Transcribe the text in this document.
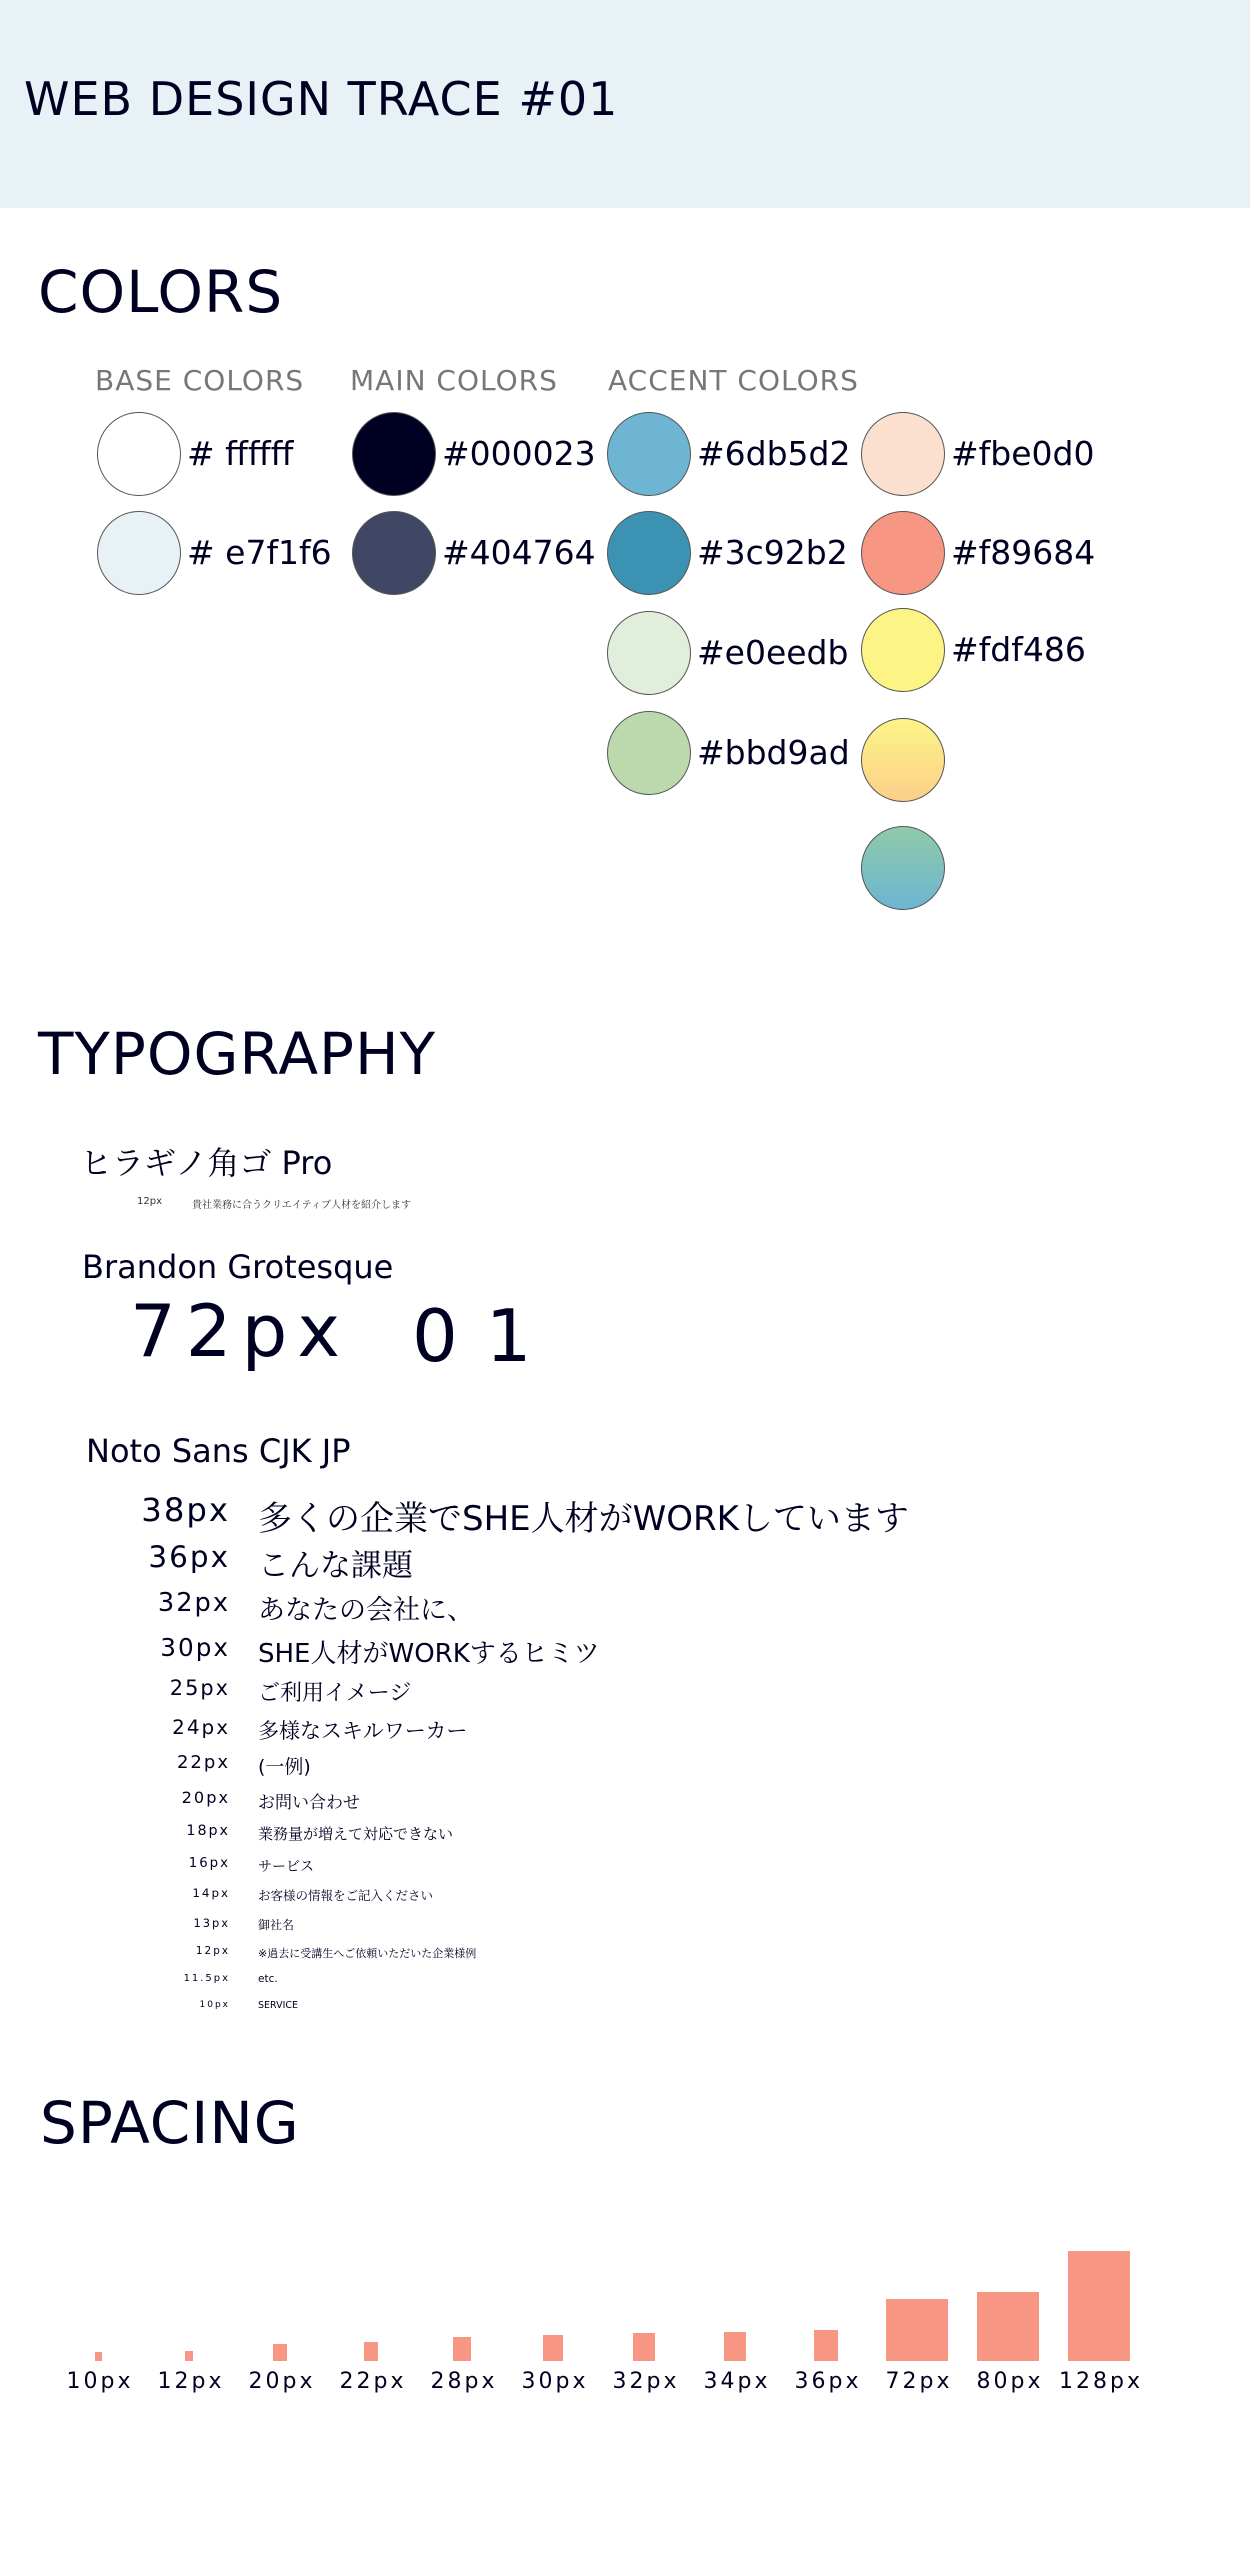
WEB DESIGN TRACE #01
COLORS
BASE COLORS MAIN COLORS ACCENT COLORS
# ffffff
# e7f1f6
#000023
#404764
#6db5d2
#3c92b2
#e0eedb
#bbd9ad
#fbe0d0
#f89684
#fdf486
TYPOGRAPHY
ヒラギノ角ゴ Pro
12px	貴社業務に合うクリエイティブ人材を紹介します
Brandon Grotesque
72px 01
Noto Sans CJK JP
38px 多くの企業でSHE人材がWORKしています
36px こんな課題
32px あなたの会社に、
30px SHE人材がWORKするヒミツ
25px ご利用イメージ
24px 多様なスキルワーカー
22px (一例)
20px お問い合わせ
18px 業務量が増えて対応できない
16px サービス
14px お客様の情報をご記入ください
13px 御社名
12px	※過去に受講生へご依頼いただいた企業様例
11.5px	etc.
10px	SERVICE
SPACING
10px 12px 20px 22px 28px 30px 32px 34px 36px 72px 80px 128px
